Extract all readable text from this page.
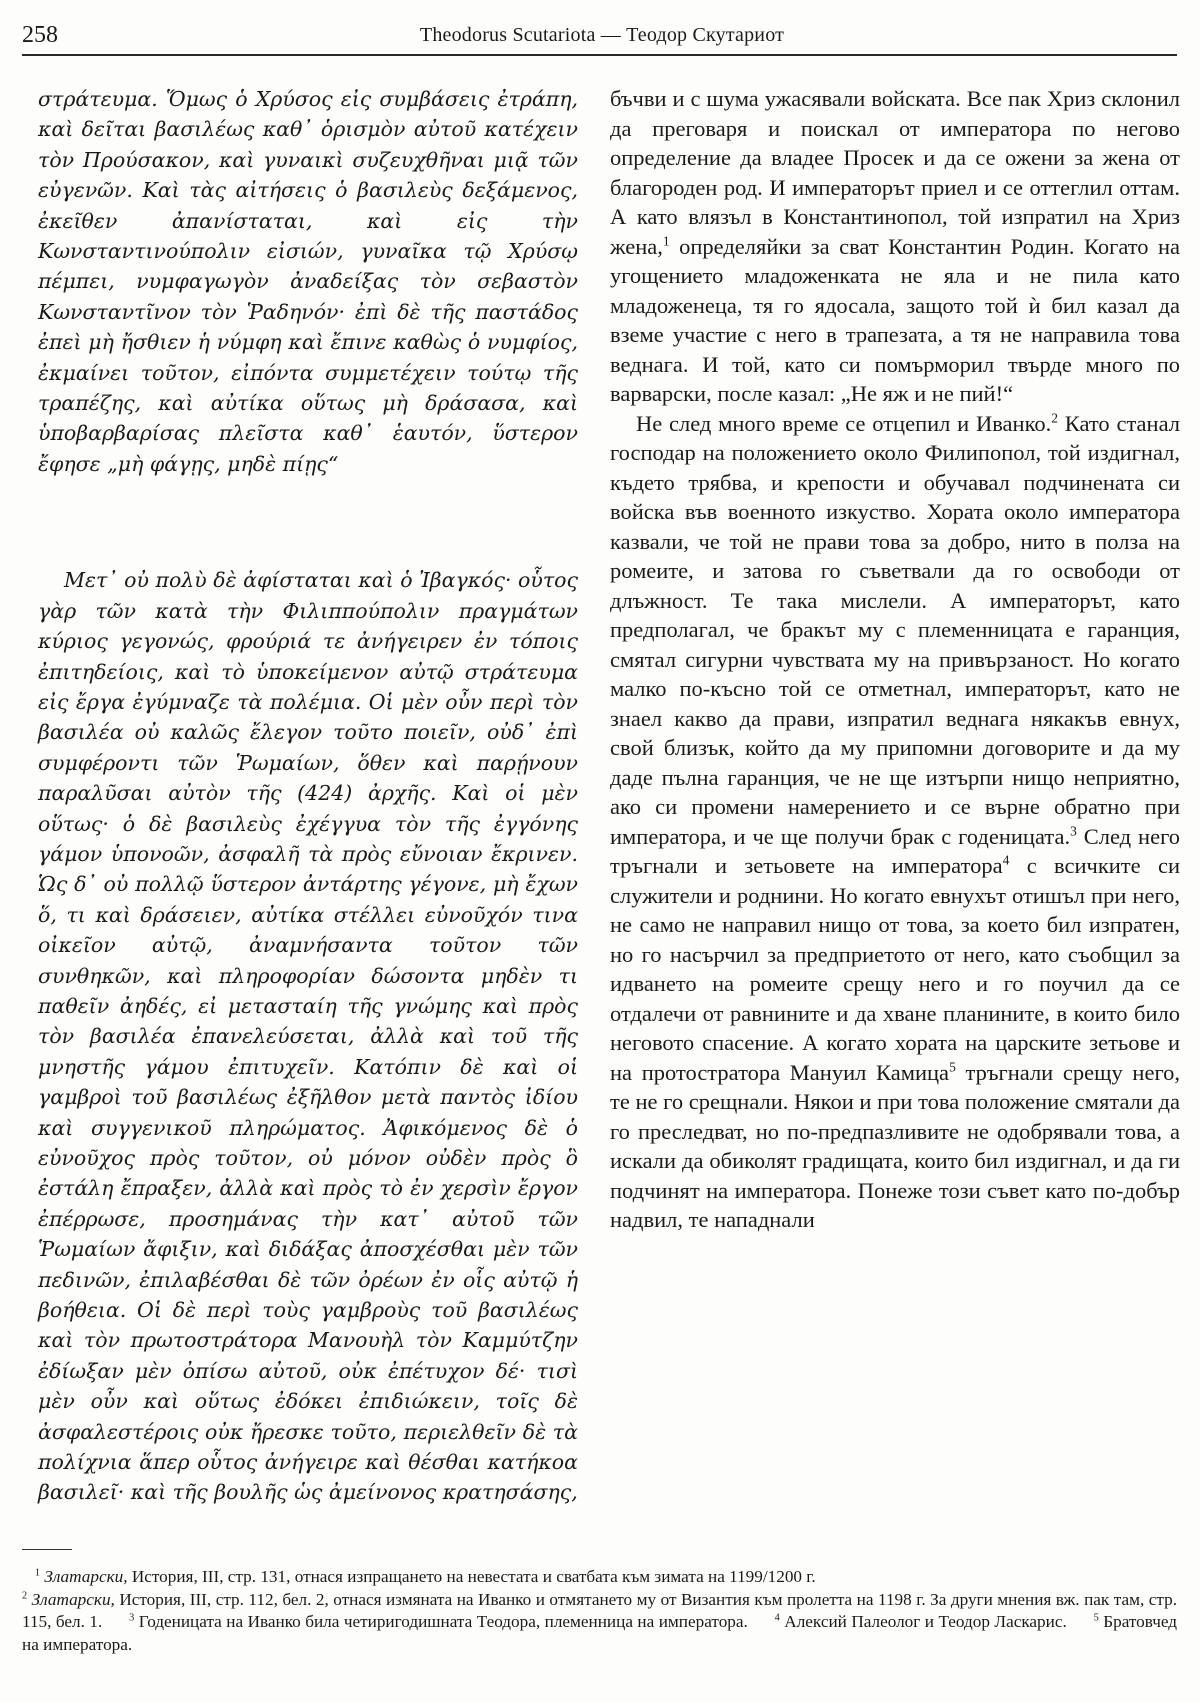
258	Theodorus Scutariota — Теодор Скутариот

στράτευμα. Ὅμως ὁ Χρύσος εἰς συμβάσεις ἐτράπη, καὶ δεῖται βασιλέως καθ᾿ ὁρισμὸν αὐτοῦ κατέχειν τὸν Προύσακον, καὶ γυναικὶ συζευχθῆναι μιᾷ τῶν εὐγενῶν. Καὶ τὰς αἰτήσεις ὁ βασιλεὺς δεξάμενος, ἐκεῖθεν ἀπανίσταται, καὶ εἰς τὴν Κωνσταντινούπολιν εἰσιών, γυναῖκα τῷ Χρύσῳ πέμπει, νυμφαγωγὸν ἀναδείξας τὸν σεβαστὸν Κωνσταντῖνον τὸν Ῥαδηνόν· ἐπὶ δὲ τῆς παστάδος ἐπεὶ μὴ ἤσθιεν ἡ νύμφη καὶ ἔπινε καθὼς ὁ νυμφίος, ἐκμαίνει τοῦτον, εἰπόντα συμμετέχειν τούτῳ τῆς τραπέζης, καὶ αὐτίκα οὕτως μὴ δράσασα, καὶ ὑποβαρβαρίσας πλεῖστα καθ᾿ ἑαυτόν, ὕστερον ἔφησε „μὴ φάγῃς, μηδὲ πίῃς“

Μετ᾿ οὐ πολὺ δὲ ἀφίσταται καὶ ὁ Ἰβαγκός· οὗτος γὰρ τῶν κατὰ τὴν Φιλιππούπολιν πραγμάτων κύριος γεγονώς, φρούριά τε ἀνήγειρεν ἐν τόποις ἐπιτηδείοις, καὶ τὸ ὑποκείμενον αὐτῷ στράτευμα εἰς ἔργα ἐγύμναζε τὰ πολέμια. Οἱ μὲν οὖν περὶ τὸν βασιλέα οὐ καλῶς ἔλεγον τοῦτο ποιεῖν, οὐδ᾿ ἐπὶ συμφέροντι τῶν Ῥωμαίων, ὅθεν καὶ παρῄνουν παραλῦσαι αὐτὸν τῆς (424) ἀρχῆς. Καὶ οἱ μὲν οὕτως· ὁ δὲ βασιλεὺς ἐχέγγυα τὸν τῆς ἐγγόνης γάμον ὑπονοῶν, ἀσφαλῆ τὰ πρὸς εὔνοιαν ἔκρινεν. Ὡς δ᾿ οὐ πολλῷ ὕστερον ἀντάρτης γέγονε, μὴ ἔχων ὅ, τι καὶ δράσειεν, αὐτίκα στέλλει εὐνοῦχόν τινα οἰκεῖον αὐτῷ, ἀναμνήσαντα τοῦτον τῶν συνθηκῶν, καὶ πληροφορίαν δώσοντα μηδὲν τι παθεῖν ἀηδές, εἰ μετασταίη τῆς γνώμης καὶ πρὸς τὸν βασιλέα ἐπανελεύσεται, ἀλλὰ καὶ τοῦ τῆς μνηστῆς γάμου ἐπιτυχεῖν. Κατόπιν δὲ καὶ οἱ γαμβροὶ τοῦ βασιλέως ἐξῆλθον μετὰ παντὸς ἰδίου καὶ συγγενικοῦ πληρώματος. Ἀφικόμενος δὲ ὁ εὐνοῦχος πρὸς τοῦτον, οὐ μόνον οὐδὲν πρὸς ὃ ἐστάλη ἔπραξεν, ἀλλὰ καὶ πρὸς τὸ ἐν χερσὶν ἔργον ἐπέρρωσε, προσημάνας τὴν κατ᾿ αὐτοῦ τῶν Ῥωμαίων ἄφιξιν, καὶ διδάξας ἀποσχέσθαι μὲν τῶν πεδινῶν, ἐπιλαβέσθαι δὲ τῶν ὀρέων ἐν οἷς αὐτῷ ἡ βοήθεια. Οἱ δὲ περὶ τοὺς γαμβροὺς τοῦ βασιλέως καὶ τὸν πρωτοστράτορα Μανουὴλ τὸν Καμμύτζην ἐδίωξαν μὲν ὀπίσω αὐτοῦ, οὐκ ἐπέτυχον δέ· τισὶ μὲν οὖν καὶ οὕτως ἐδόκει ἐπιδιώκειν, τοῖς δὲ ἀσφαλεστέροις οὐκ ἤρεσκε τοῦτο, περιελθεῖν δὲ τὰ πολίχνια ἅπερ οὗτος ἀνήγειρε καὶ θέσθαι κατήκοα βασιλεῖ· καὶ τῆς βουλῆς ὡς ἀμείνονος κρατησάσης,

бъчви и с шума ужасявали войската. Все пак Хриз склонил да преговаря и поискал от императора по негово определение да владее Просек и да се ожени за жена от благороден род. И императорът приел и се оттеглил оттам. А като влязъл в Константинопол, той изпратил на Хриз жена,$^1$ определяйки за сват Константин Родин. Когато на угощението младоженката не яла и не пила като младоженеца, тя го ядосала, защото той ѝ бил казал да вземе участие с него в трапезата, а тя не направила това веднага. И той, като си помърморил твърде много по варварски, после казал: „Не яж и не пий!“

Не след много време се отцепил и Иванко.$^2$ Като станал господар на положението около Филипопол, той издигнал, където трябва, и крепости и обучавал подчинената си войска във военното изкуство. Хората около императора казвали, че той не прави това за добро, нито в полза на ромеите, и затова го съветвали да го освободи от длъжност. Те така мислели. А императорът, като предполагал, че бракът му с племенницата е гаранция, смятал сигурни чувствата му на привързаност. Но когато малко по-късно той се отметнал, императорът, като не знаел какво да прави, изпратил веднага някакъв евнух, свой близък, който да му припомни договорите и да му даде пълна гаранция, че не ще изтърпи нищо неприятно, ако си промени намерението и се върне обратно при императора, и че ще получи брак с годеницата.$^3$ След него тръгнали и зетьовете на императора$^4$ с всичките си служители и роднини. Но когато евнухът отишъл при него, не само не направил нищо от това, за което бил изпратен, но го насърчил за предприетото от него, като съобщил за идването на ромеите срещу него и го поучил да се отдалечи от равнините и да хване планините, в които било неговото спасение. А когато хората на царските зетьове и на протостратора Мануил Камица$^5$ тръгнали срещу него, те не го срещнали. Някои и при това положение смятали да го преследват, но по-предпазливите не одобрявали това, а искали да обиколят градищата, които бил издигнал, и да ги подчинят на императора. Понеже този съвет като по-добър надвил, те нападнали

$^1$ Златарски, История, III, стр. 131, отнася изпращането на невестата и сватбата към зимата на 1199/1200 г.

$^2$ Златарски, История, III, стр. 112, бел. 2, отнася измяната на Иванко и отмятането му от Византия към пролетта на 1198 г. За други мнения вж. пак там, стр. 115, бел. 1.	$^3$ Годеницата на Иванко била четиригодишната Теодора, племенница на императора.	$^4$ Алексий Палеолог и Теодор Ласкарис.	$^5$ Братовчед на императора.
